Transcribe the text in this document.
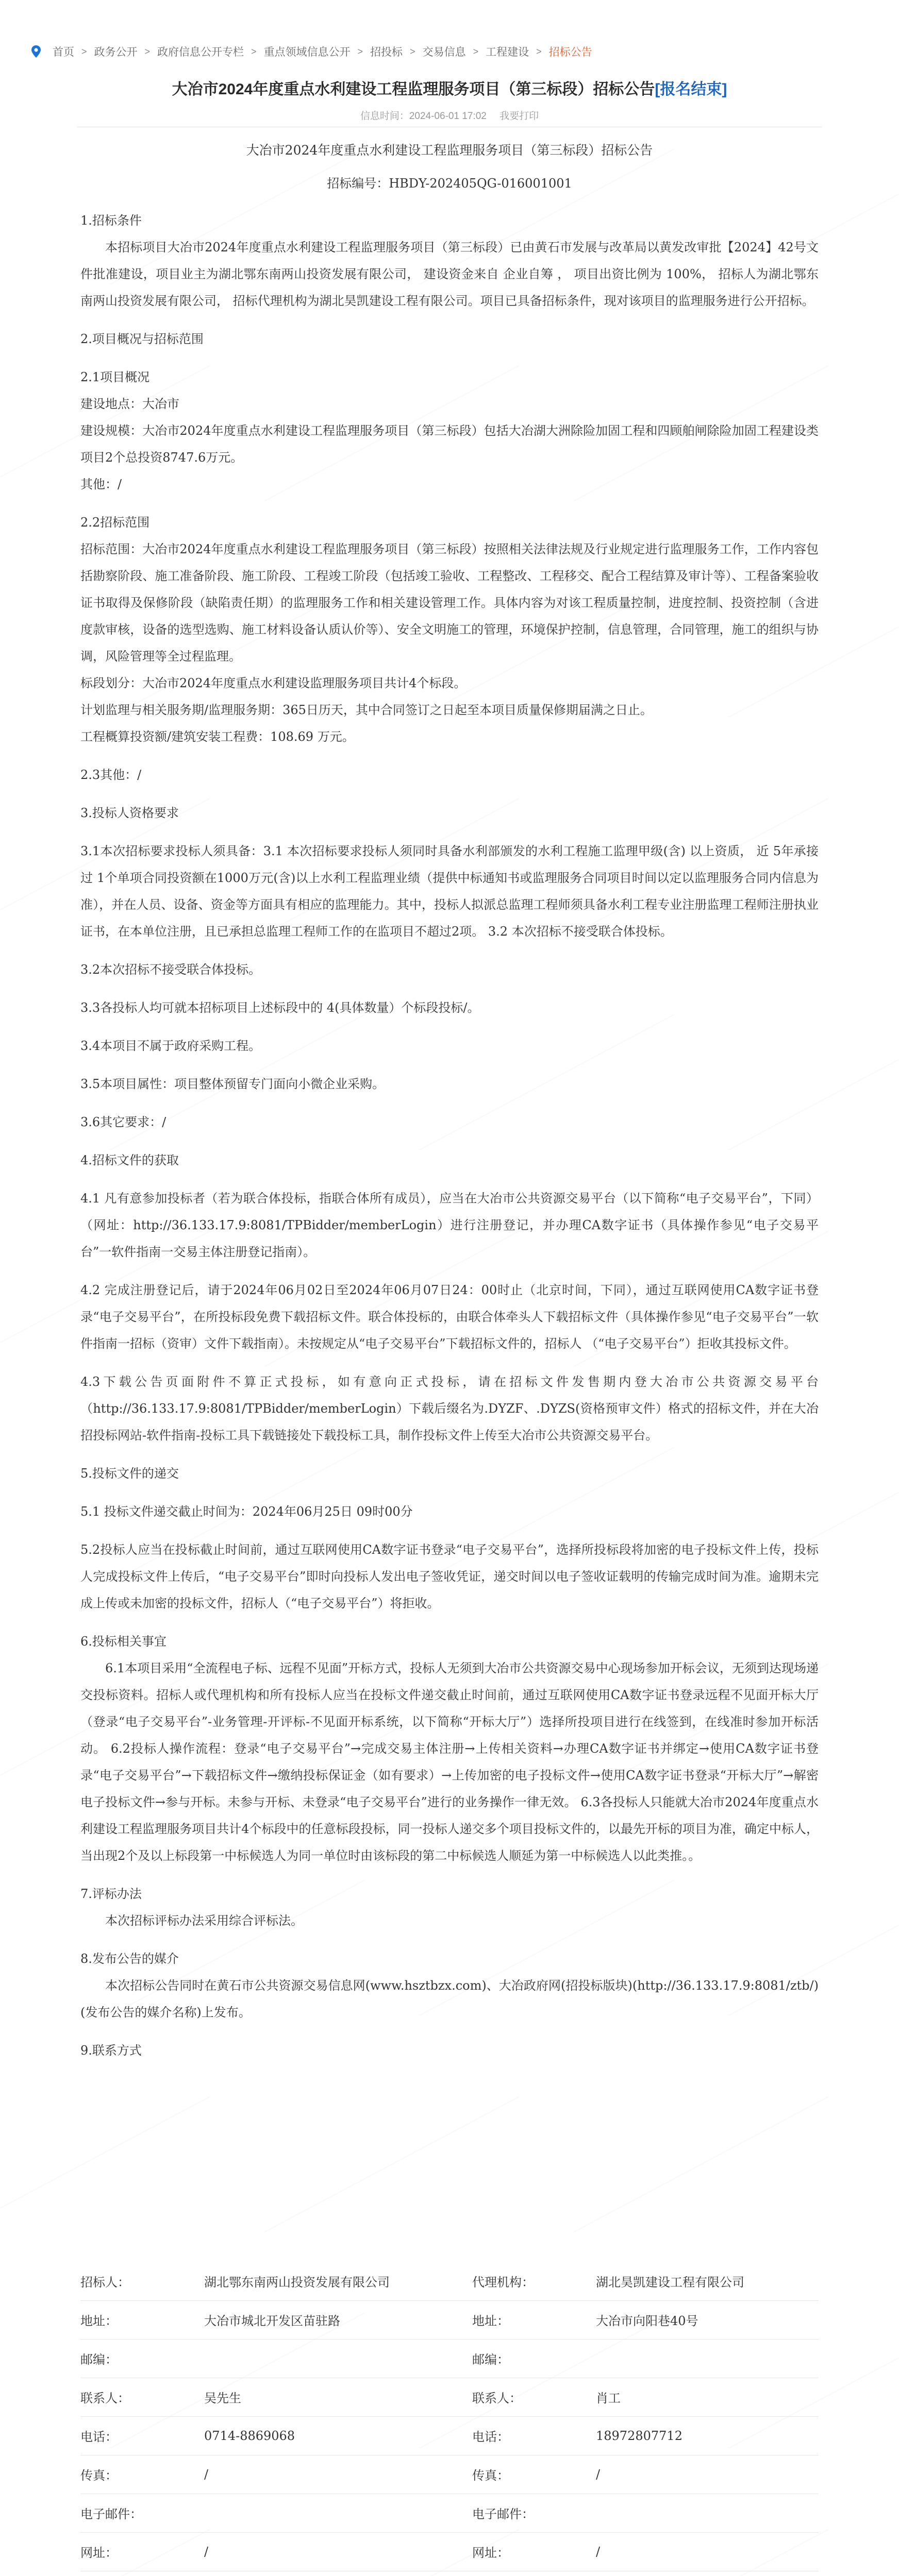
首页 > 政务公开 > 政府信息公开专栏 > 重点领域信息公开 > 招投标 > 交易信息 > 工程建设 > 招标公告
大冶市2024年度重点水利建设工程监理服务项目（第三标段）招标公告[报名结束]
信息时间：2024-06-01 17:02 我要打印
大冶市2024年度重点水利建设工程监理服务项目（第三标段）招标公告
招标编号：HBDY-202405QG-016001001

1.招标条件

本招标项目大冶市2024年度重点水利建设工程监理服务项目（第三标段）已由黄石市发展与改革局以黄发改审批【2024】42号文件批准建设，项目业主为湖北鄂东南两山投资发展有限公司， 建设资金来自 企业自筹 ， 项目出资比例为 100%， 招标人为湖北鄂东南两山投资发展有限公司， 招标代理机构为湖北昊凯建设工程有限公司。项目已具备招标条件，现对该项目的监理服务进行公开招标。

2.项目概况与招标范围

2.1项目概况

建设地点：大冶市

建设规模：大冶市2024年度重点水利建设工程监理服务项目（第三标段）包括大冶湖大洲除险加固工程和四顾舶闸除险加固工程建设类项目2个总投资8747.6万元。

其他：/

2.2招标范围

招标范围：大冶市2024年度重点水利建设工程监理服务项目（第三标段）按照相关法律法规及行业规定进行监理服务工作，工作内容包括勘察阶段、施工准备阶段、施工阶段、工程竣工阶段（包括竣工验收、工程整改、工程移交、配合工程结算及审计等）、工程备案验收证书取得及保修阶段（缺陷责任期）的监理服务工作和相关建设管理工作。具体内容为对该工程质量控制，进度控制、投资控制（含进度款审核，设备的选型选购、施工材料设备认质认价等）、安全文明施工的管理，环境保护控制，信息管理，合同管理，施工的组织与协调，风险管理等全过程监理。

标段划分：大冶市2024年度重点水利建设监理服务项目共计4个标段。

计划监理与相关服务期/监理服务期：365日历天，其中合同签订之日起至本项目质量保修期届满之日止。

工程概算投资额/建筑安装工程费：108.69 万元。

2.3其他：/

3.投标人资格要求

3.1本次招标要求投标人须具备：3.1 本次招标要求投标人须同时具备水利部颁发的水利工程施工监理甲级(含) 以上资质， 近 5年承接过 1个单项合同投资额在1000万元(含)以上水利工程监理业绩（提供中标通知书或监理服务合同项目时间以定以监理服务合同内信息为准），并在人员、设备、资金等方面具有相应的监理能力。其中，投标人拟派总监理工程师须具备水利工程专业注册监理工程师注册执业证书，在本单位注册，且已承担总监理工程师工作的在监项目不超过2项。 3.2 本次招标不接受联合体投标。

3.2本次招标不接受联合体投标。

3.3各投标人均可就本招标项目上述标段中的 4(具体数量）个标段投标/。

3.4本项目不属于政府采购工程。

3.5本项目属性：项目整体预留专门面向小微企业采购。

3.6其它要求：/

4.招标文件的获取

4.1 凡有意参加投标者（若为联合体投标，指联合体所有成员），应当在大冶市公共资源交易平台（以下简称“电子交易平台”，下同）（网址：http://36.133.17.9:8081/TPBidder/memberLogin）进行注册登记，并办理CA数字证书（具体操作参见“电子交易平台”一软件指南一交易主体注册登记指南）。

4.2 完成注册登记后，请于2024年06月02日至2024年06月07日24：00时止（北京时间，下同），通过互联网使用CA数字证书登录“电子交易平台”，在所投标段免费下载招标文件。联合体投标的，由联合体牵头人下载招标文件（具体操作参见“电子交易平台”一软件指南一招标（资审）文件下载指南）。未按规定从“电子交易平台”下载招标文件的，招标人 （“电子交易平台”）拒收其投标文件。

4.3下载公告页面附件不算正式投标，如有意向正式投标，请在招标文件发售期内登大冶市公共资源交易平台（http://36.133.17.9:8081/TPBidder/memberLogin）下载后缀名为.DYZF、.DYZS(资格预审文件）格式的招标文件，并在大冶招投标网站-软件指南-投标工具下载链接处下载投标工具，制作投标文件上传至大冶市公共资源交易平台。

5.投标文件的递交

5.1 投标文件递交截止时间为：2024年06月25日 09时00分

5.2投标人应当在投标截止时间前，通过互联网使用CA数字证书登录“电子交易平台”，选择所投标段将加密的电子投标文件上传，投标人完成投标文件上传后，“电子交易平台”即时向投标人发出电子签收凭证，递交时间以电子签收证载明的传输完成时间为准。逾期未完成上传或未加密的投标文件，招标人（“电子交易平台”）将拒收。

6.投标相关事宜

6.1本项目采用“全流程电子标、远程不见面”开标方式，投标人无须到大冶市公共资源交易中心现场参加开标会议，无须到达现场递交投标资料。招标人或代理机构和所有投标人应当在投标文件递交截止时间前，通过互联网使用CA数字证书登录远程不见面开标大厅（登录“电子交易平台”-业务管理-开评标-不见面开标系统，以下简称“开标大厅”）选择所投项目进行在线签到，在线准时参加开标活动。 6.2投标人操作流程：登录“电子交易平台”→完成交易主体注册→上传相关资料→办理CA数字证书并绑定→使用CA数字证书登录“电子交易平台”→下载招标文件→缴纳投标保证金（如有要求）→上传加密的电子投标文件→使用CA数字证书登录“开标大厅”→解密电子投标文件→参与开标。未参与开标、未登录“电子交易平台”进行的业务操作一律无效。 6.3各投标人只能就大冶市2024年度重点水利建设工程监理服务项目共计4个标段中的任意标段投标，同一投标人递交多个项目投标文件的，以最先开标的项目为准，确定中标人，当出现2个及以上标段第一中标候选人为同一单位时由该标段的第二中标候选人顺延为第一中标候选人以此类推。。

7.评标办法

本次招标评标办法采用综合评标法。

8.发布公告的媒介

本次招标公告同时在黄石市公共资源交易信息网(www.hsztbzx.com)、大冶政府网(招投标版块)(http://36.133.17.9:8081/ztb/)(发布公告的媒介名称)上发布。

9.联系方式

招标人：	湖北鄂东南两山投资发展有限公司	代理机构：	湖北昊凯建设工程有限公司
地址：	大冶市城北开发区苗驻路	地址：	大冶市向阳巷40号
邮编：		邮编：	
联系人：	吴先生	联系人：	肖工
电话：	0714-8869068	电话：	18972807712
传真：	/	传真：	/
电子邮件：		电子邮件：	
网址：	/	网址：	/
